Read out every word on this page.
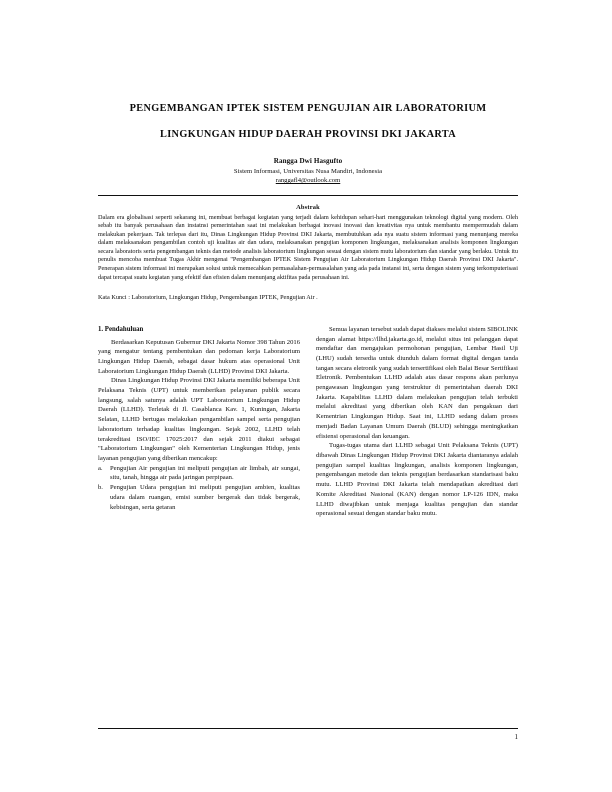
PENGEMBANGAN IPTEK SISTEM PENGUJIAN AIR LABORATORIUM
LINGKUNGAN HIDUP DAERAH PROVINSI DKI JAKARTA
Rangga Dwi Hasgufto
Sistem Informasi, Universitas Nusa Mandiri, Indonesia
ranggafl4@outlook.com
Abstrak
Dalam era globalisasi seperti sekarang ini, membuat berbagai kegiatan yang terjadi dalam kehidupan sehari-hari menggunakan teknologi digital yang modern. Oleh sebab itu banyak perusahaan dan instatnsi pemerintahan saat ini melakukan berbagai inovasi inovasi dan kreativitas nya untuk membantu mempermudah dalam melakukan pekerjaan. Tak terlepas dari itu, Dinas Lingkungan Hidup Provinsi DKI Jakarta, membutuhkan ada nya suatu sistem informasi yang menunjang mereka dalam melaksanakan pengambilan contoh uji kualitas air dan udara, melaksanakan pengujian komponen lingkungan, melaksanakan analisis komponen lingkungan secara laboratoris serta pengembangan teknis dan metode analisis laboratorium lingkungan sesuai dengan sistem mutu laboratorium dan standar yang berlaku. Untuk itu penulis mencoba membuat Tugas Akhir mengenai "Pengembangan IPTEK Sistem Pengujian Air Laboratorium Lingkungan Hidup Daerah Provinsi DKI Jakarta". Penerapan sistem informasi ini merupakan solusi untuk memecahkan permasalahan-permasalahan yang ada pada instansi ini, serta dengan sistem yang terkomputerisasi dapat tercapai suatu kegiatan yang efektif dan efisien dalam menunjang aktifitas pada perusahaan ini.
Kata Kunci : Laboratorium, Lingkungan Hidup, Pengembangan IPTEK, Pengujian Air .
1. Pendahuluan

Berdasarkan Keputusan Gubernur DKI Jakarta Nomor 398 Tahun 2016 yang mengatur tentang pembentukan dan pedoman kerja Laboratorium Lingkungan Hidup Daerah, sebagai dasar hukum atas operasional Unit Laboratorium Lingkungan Hidup Daerah (LLHD) Provinsi DKI Jakarta.

Dinas Lingkungan Hidup Provinsi DKI Jakarta memiliki beberapa Unit Pelaksana Teknis (UPT) untuk memberikan pelayanan publik secara langsung, salah satunya adalah UPT Laboratorium Lingkungan Hidup Daerah (LLHD). Terletak di Jl. Casablanca Kav. 1, Kuningan, Jakarta Selatan, LLHD bertugas melakukan pengambilan sampel serta pengujian laboratorium terhadap kualitas lingkungan. Sejak 2002, LLHD telah terakreditasi ISO/IEC 17025:2017 dan sejak 2011 diakui sebagai "Laboratorium Lingkungan" oleh Kementerian Lingkungan Hidup, jenis layanan pengujian yang diberikan mencakup:

a.	Pengujian Air pengujian ini meliputi pengujian air limbah, air sungai, situ, tanah, hingga air pada jaringan perpipaan.
b.	Pengujian Udara pengujian ini meliputi pengujian ambien, kualitas udara dalam ruangan, emisi sumber bergerak dan tidak bergerak, kebisingan, serta getaran

Semua layanan tersebut sudah dapat diakses melalui sistem SIBOLINK dengan alamat https://llhd.jakarta.go.id, melalui situs ini pelanggan dapat mendaftar dan mengajukan permohonan pengujian, Lembar Hasil Uji (LHU) sudah tersedia untuk diunduh dalam format digital dengan tanda tangan secara eletronik yang sudah tersertifikasi oleh Balai Besar Sertifikasi Eletronik. Pembentukan LLHD adalah atas dasar respons akan perlunya pengawasan lingkungan yang terstruktur di pemerintahan daerah DKI Jakarta. Kapabilitas LLHD dalam melakukan pengujian telah terbukti melalui akreditasi yang diberikan oleh KAN dan pengakuan dari Kementrian Lingkungan Hidup. Saat ini, LLHD sedang dalam proses menjadi Badan Layanan Umum Daerah (BLUD) sehingga meningkatkan efisiensi operasional dan keuangan.

Tugas-tugas utama dari LLHD sebagai Unit Pelaksana Teknis (UPT) dibawah Dinas Lingkungan Hidup Provinsi DKI Jakarta diantaranya adalah pengujian sampel kualitas lingkungan, analisis komponen lingkungan, pengembangan metode dan teknis pengujian berdasarkan standarisasi baku mutu. LLHD Provinsi DKI Jakarta telah mendapatkan akreditasi dari Komite Akreditasi Nasional (KAN) dengan nomor LP-126 IDN, maka LLHD diwajibkan untuk menjaga kualitas pengujian dan standar operasional sesuai dengan standar baku mutu.

1
